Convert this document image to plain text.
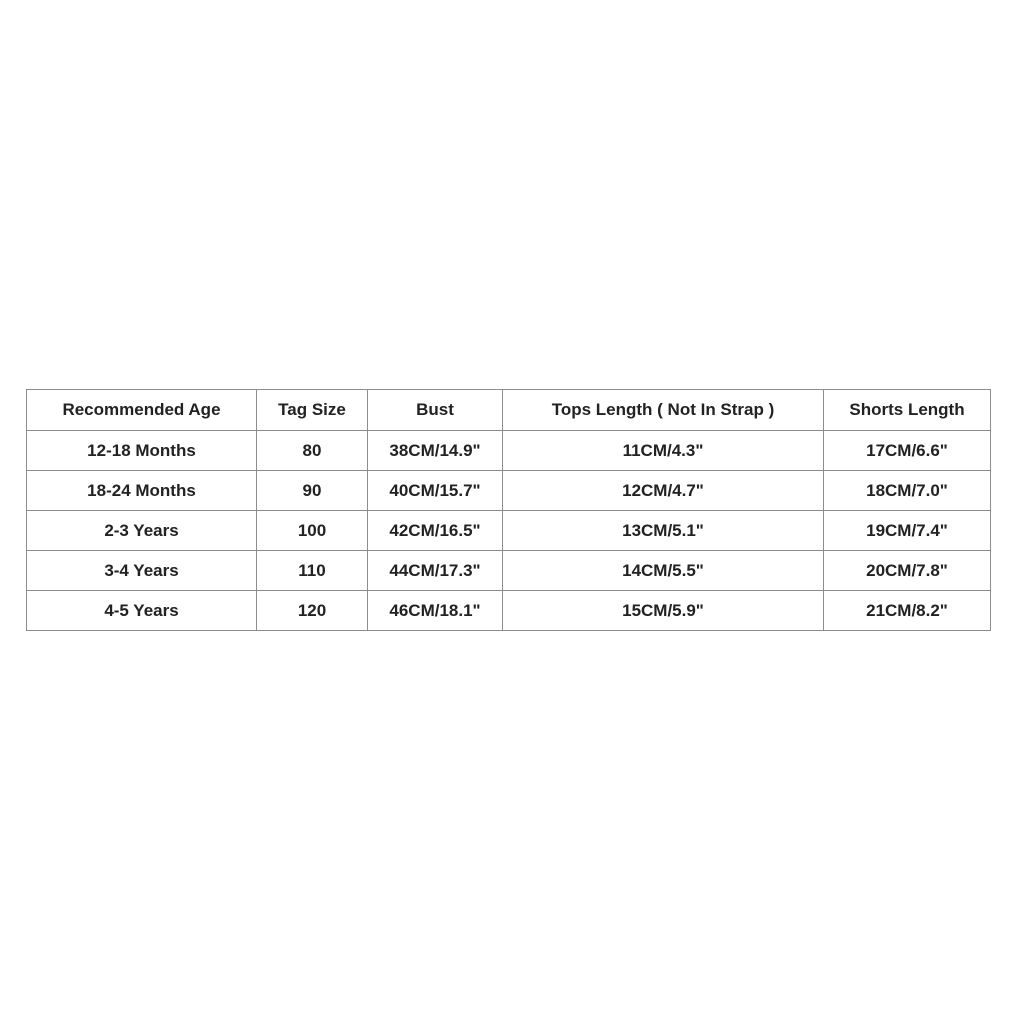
Recommended Age	Tag Size	Bust	Tops Length ( Not In Strap )	Shorts Length
12-18 Months	80	38CM/14.9"	11CM/4.3"	17CM/6.6"
18-24 Months	90	40CM/15.7"	12CM/4.7"	18CM/7.0"
2-3 Years	100	42CM/16.5"	13CM/5.1"	19CM/7.4"
3-4 Years	110	44CM/17.3"	14CM/5.5"	20CM/7.8"
4-5 Years	120	46CM/18.1"	15CM/5.9"	21CM/8.2"
